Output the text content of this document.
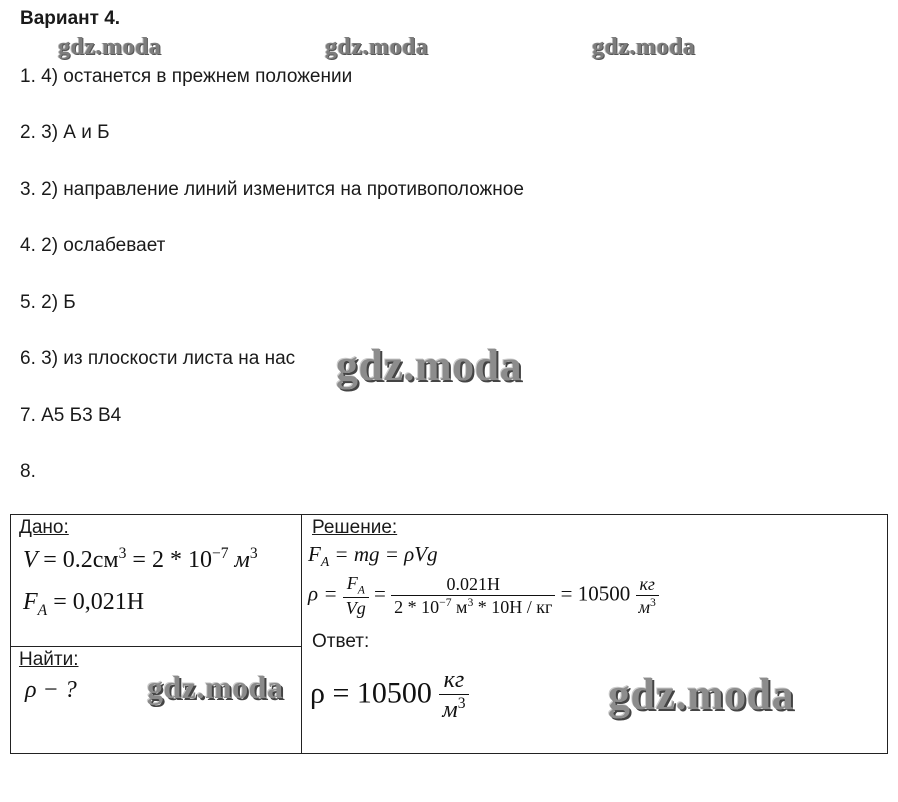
Вариант 4.
gdz.moda	gdz.moda	gdz.moda
1. 4) останется в прежнем положении
2. 3) А и Б
3. 2) направление линий изменится на противоположное
4. 2) ослабевает
5. 2) Б
6. 3) из плоскости листа на нас
7. А5 Б3 В4
8.
gdz.moda
Дано:
$V = 0.2см^3 = 2 * 10^{-7}$ $м^3$
$F_A = 0,021H$

Решение:
$F_A$ = mg = ρVg
$\rho = \frac{F_A}{Vg} = \frac{0.021H}{2 * 10^{-7} м^3 * 10H / кг} = 10500 \frac{кг}{м^3}$
Ответ:
$\rho = 10500 \frac{кг}{м^3}$	gdz.moda

Найти:
ρ − ? gdz.moda
